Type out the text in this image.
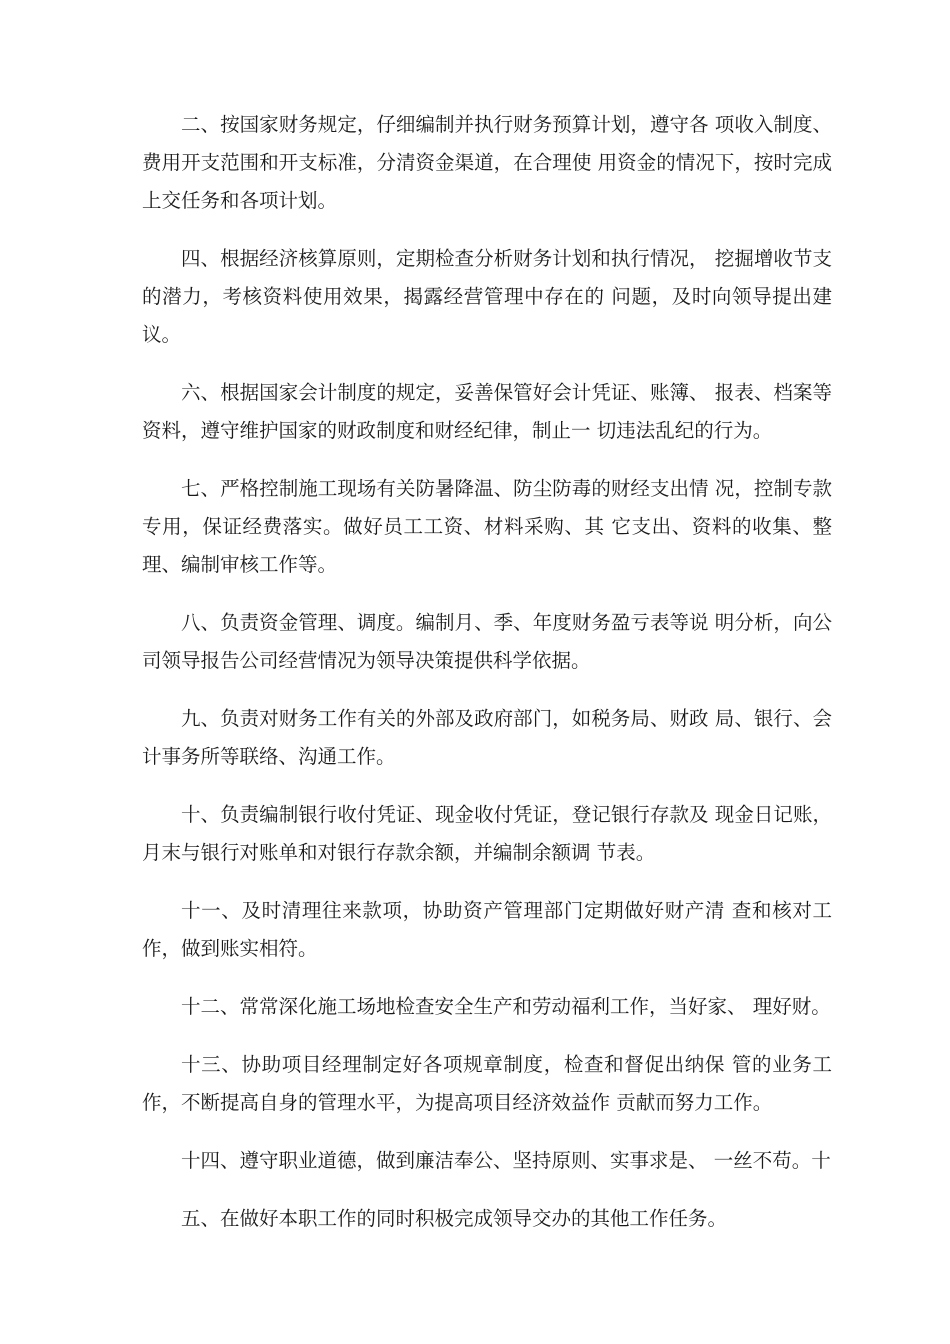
二、按国家财务规定，仔细编制并执行财务预算计划，遵守各 项收入制度、费用开支范围和开支标准，分清资金渠道，在合理使 用资金的情况下，按时完成上交任务和各项计划。

四、根据经济核算原则，定期检查分析财务计划和执行情况， 挖掘增收节支的潜力，考核资料使用效果，揭露经营管理中存在的 问题，及时向领导提出建议。

六、根据国家会计制度的规定，妥善保管好会计凭证、账簿、 报表、档案等资料，遵守维护国家的财政制度和财经纪律，制止一 切违法乱纪的行为。

七、严格控制施工现场有关防暑降温、防尘防毒的财经支出情 况，控制专款专用，保证经费落实。做好员工工资、材料采购、其 它支出、资料的收集、整理、编制审核工作等。

八、负责资金管理、调度。编制月、季、年度财务盈亏表等说 明分析，向公司领导报告公司经营情况为领导决策提供科学依据。

九、负责对财务工作有关的外部及政府部门，如税务局、财政 局、银行、会计事务所等联络、沟通工作。

十、负责编制银行收付凭证、现金收付凭证，登记银行存款及 现金日记账，月末与银行对账单和对银行存款余额，并编制余额调 节表。

十一、及时清理往来款项，协助资产管理部门定期做好财产清 查和核对工作，做到账实相符。

十二、常常深化施工场地检查安全生产和劳动福利工作，当好家、 理好财。

十三、协助项目经理制定好各项规章制度，检查和督促出纳保 管的业务工作，不断提高自身的管理水平，为提高项目经济效益作 贡献而努力工作。

十四、遵守职业道德，做到廉洁奉公、坚持原则、实事求是、 一丝不苟。十

五、在做好本职工作的同时积极完成领导交办的其他工作任务。
